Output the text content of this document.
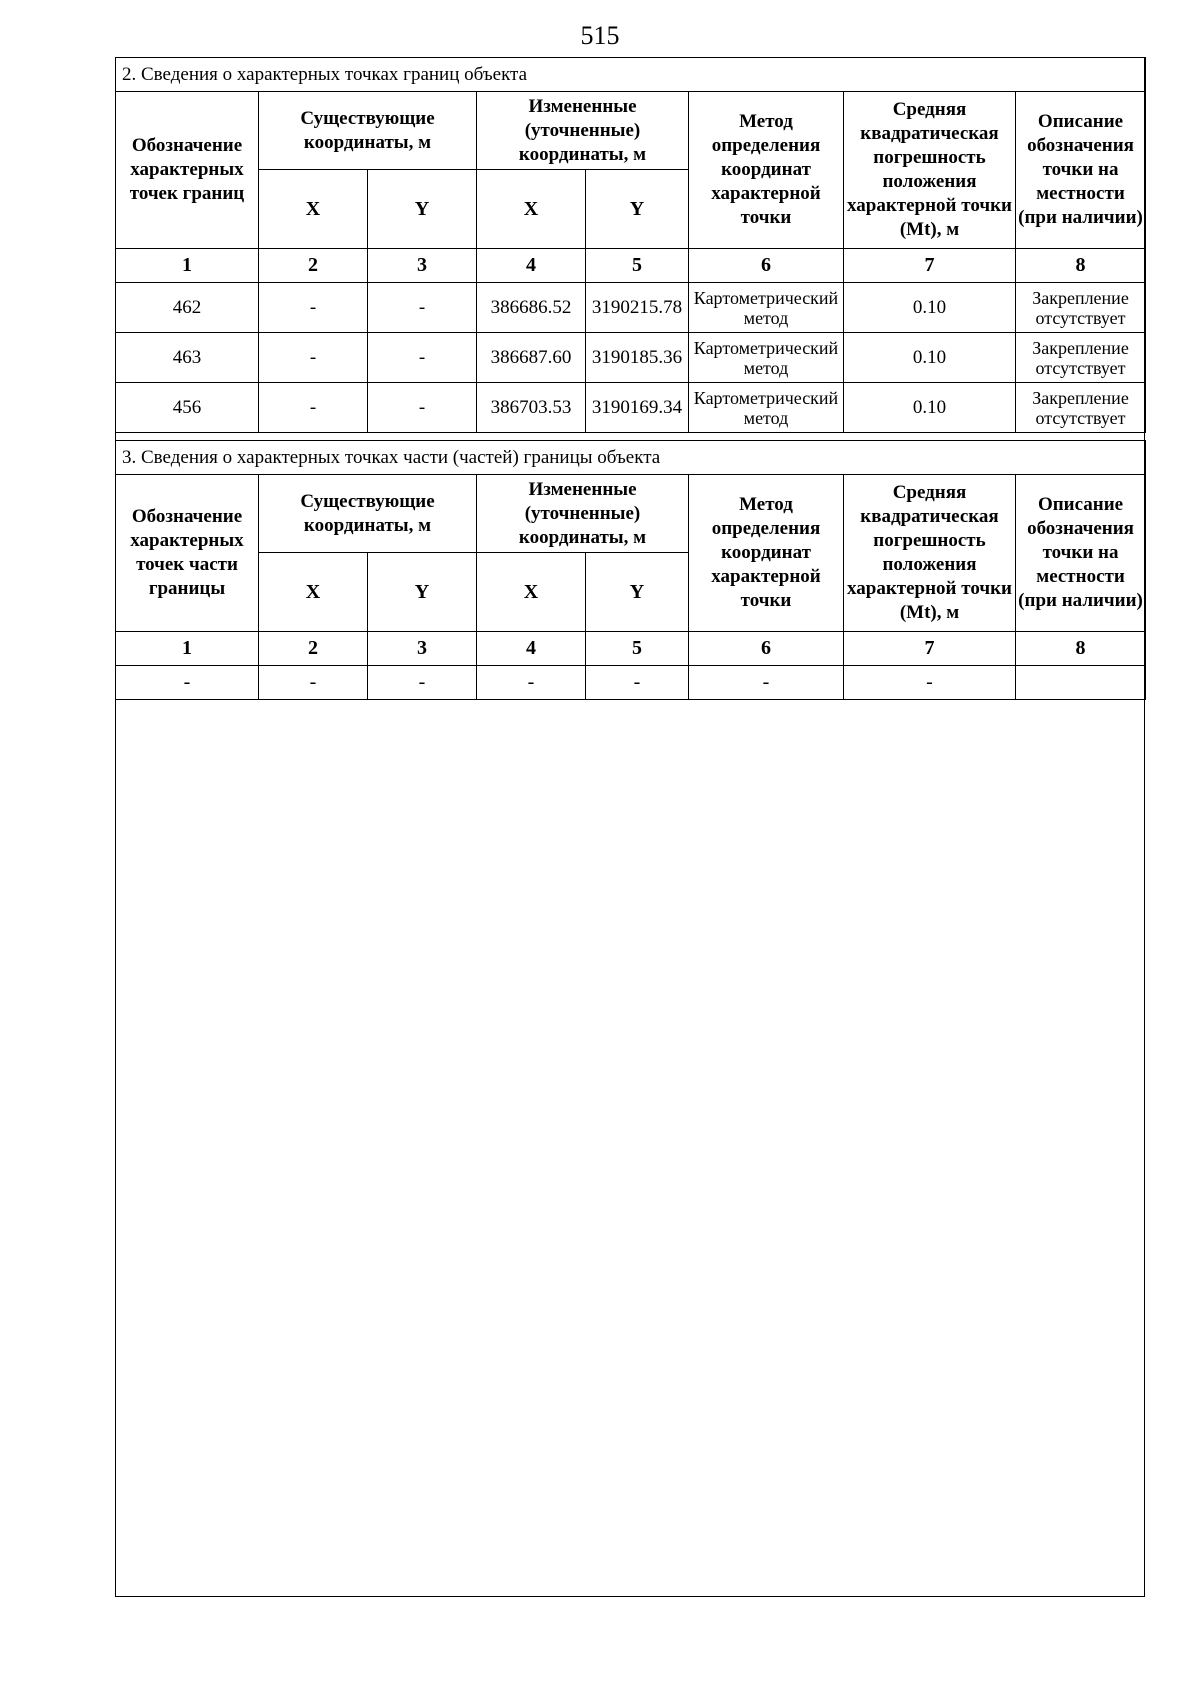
515
2. Сведения о характерных точках границ объекта							
Обозначение характерных точек границ	Существующие координаты, м		Измененные (уточненные) координаты, м		Метод определения координат характерной точки	Средняя квадратическая погрешность положения характерной точки (Mt), м	Описание обозначения точки на местности (при наличии)
	X	Y	X	Y			
1	2	3	4	5	6	7	8
462	-	-	386686.52	3190215.78	Картометрический метод	0.10	Закрепление отсутствует
463	-	-	386687.60	3190185.36	Картометрический метод	0.10	Закрепление отсутствует
456	-	-	386703.53	3190169.34	Картометрический метод	0.10	Закрепление отсутствует
3. Сведения о характерных точках части (частей) границы объекта							
Обозначение характерных точек части границы	Существующие координаты, м		Измененные (уточненные) координаты, м		Метод определения координат характерной точки	Средняя квадратическая погрешность положения характерной точки (Mt), м	Описание обозначения точки на местности (при наличии)
	X	Y	X	Y			
1	2	3	4	5	6	7	8
-	-	-	-	-	-	-	
